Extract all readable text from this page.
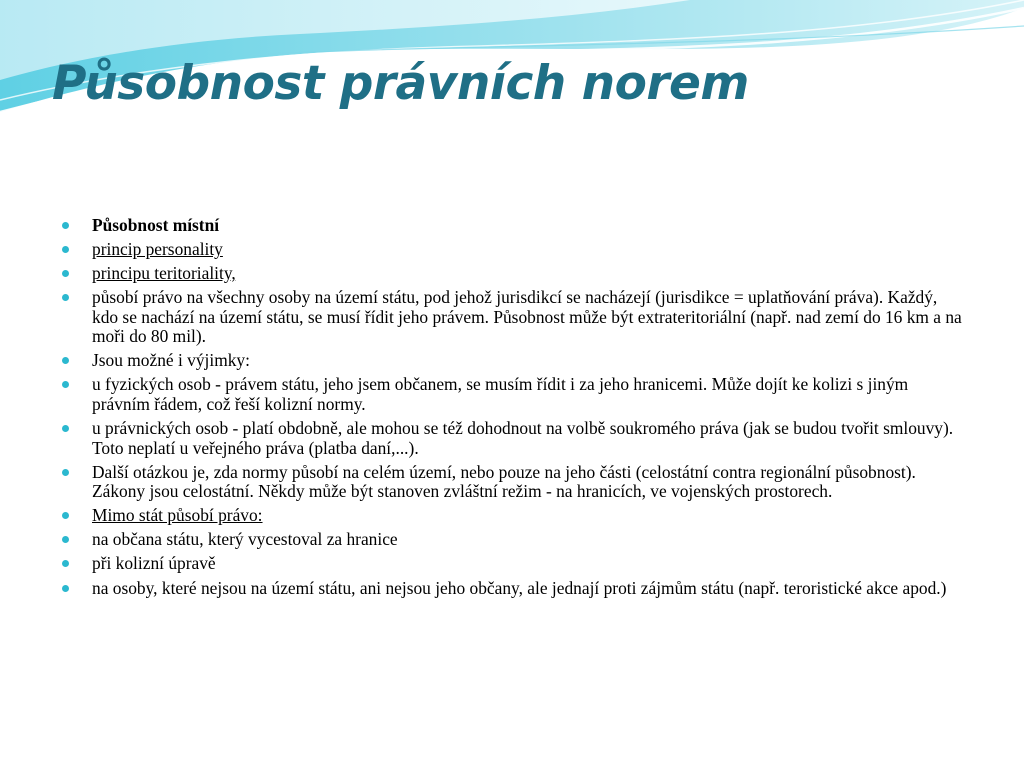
Působnost právních norem
Působnost místní
princip personality
principu teritoriality,
působí právo na všechny osoby na území státu, pod jehož jurisdikcí se nacházejí (jurisdikce = uplatňování práva). Každý, kdo se nachází na území státu, se musí řídit jeho právem. Působnost může být extrateritoriální (např. nad zemí do 16 km a na moři do 80 mil).
Jsou možné i výjimky:
u fyzických osob - právem státu, jeho jsem občanem, se musím řídit i za jeho hranicemi. Může dojít ke kolizi s jiným právním řádem, což řeší kolizní normy.
u právnických osob - platí obdobně, ale mohou se též dohodnout na volbě soukromého práva (jak se budou tvořit smlouvy). Toto neplatí u veřejného práva (platba daní,...).
Další otázkou je, zda normy působí na celém území, nebo pouze na jeho části (celostátní contra regionální působnost). Zákony jsou celostátní. Někdy může být stanoven zvláštní režim - na hranicích, ve vojenských prostorech.
Mimo stát působí právo:
na občana státu, který vycestoval za hranice
při kolizní úpravě
na osoby, které nejsou na území státu, ani nejsou jeho občany, ale jednají proti zájmům státu (např. teroristické akce apod.)
